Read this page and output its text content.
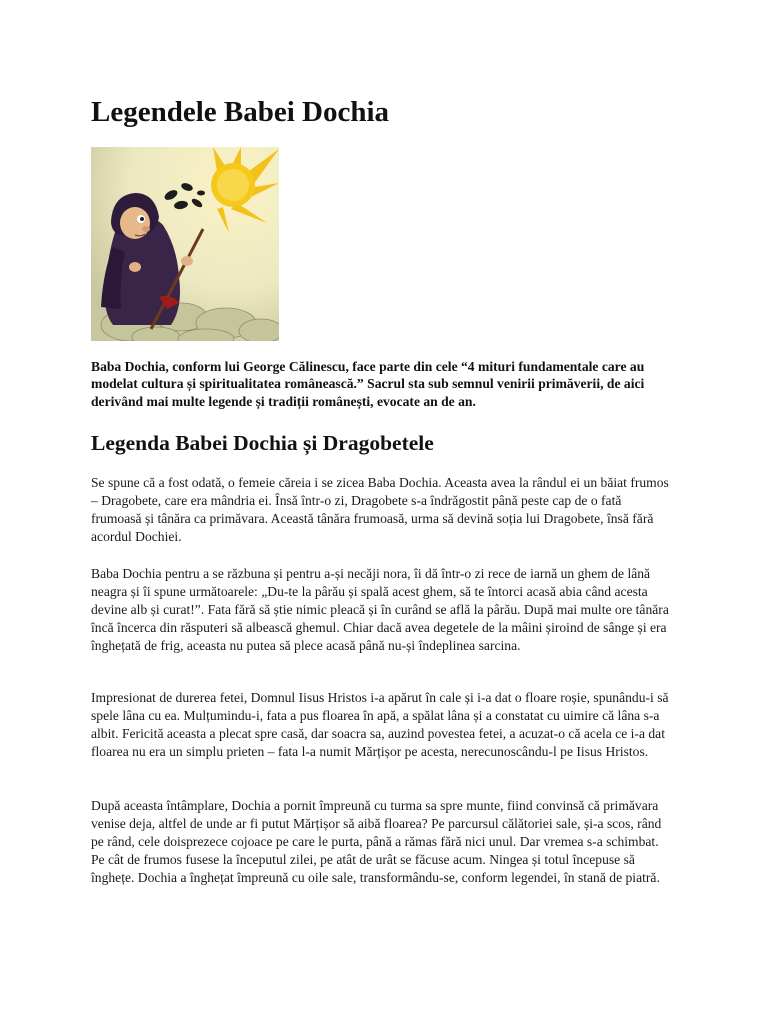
Legendele Babei Dochia

Baba Dochia, conform lui George Călinescu, face parte din cele “4 mituri fundamentale care au modelat cultura și spiritualitatea românească.” Sacrul sta sub semnul venirii primăverii, de aici derivând mai multe legende și tradiții românești, evocate an de an.

Legenda Babei Dochia și Dragobetele

Se spune că a fost odată, o femeie căreia i se zicea Baba Dochia. Aceasta avea la rândul ei un băiat frumos – Dragobete, care era mândria ei. Însă într-o zi, Dragobete s-a îndrăgostit până peste cap de o fată frumoasă și tânăra ca primăvara. Această tânăra frumoasă, urma să devină soția lui Dragobete, însă fără acordul Dochiei.

Baba Dochia pentru a se răzbuna și pentru a-și necăji nora, îi dă într-o zi rece de iarnă un ghem de lână neagra și îi spune următoarele: „Du-te la pârău și spală acest ghem, să te întorci acasă abia când acesta devine alb și curat!”. Fata fără să știe nimic pleacă și în curând se află la pârău. După mai multe ore tânăra încă încerca din răsputeri să albească ghemul. Chiar dacă avea degetele de la mâini șiroind de sânge și era înghețată de frig, aceasta nu putea să plece acasă până nu-și îndeplinea sarcina.

Impresionat de durerea fetei, Domnul Iisus Hristos i-a apărut în cale și i-a dat o floare roșie, spunându-i să spele lâna cu ea. Mulțumindu-i, fata a pus floarea în apă, a spălat lâna și a constatat cu uimire că lâna s-a albit. Fericită aceasta a plecat spre casă, dar soacra sa, auzind povestea fetei, a acuzat-o că acela ce i-a dat floarea nu era un simplu prieten – fata l-a numit Mărțișor pe acesta, nerecunoscându-l pe Iisus Hristos.

După aceasta întâmplare, Dochia a pornit împreună cu turma sa spre munte, fiind convinsă că primăvara venise deja, altfel de unde ar fi putut Mărțișor să aibă floarea? Pe parcursul călătoriei sale, și-a scos, rând pe rând, cele doisprezece cojoace pe care le purta, până a rămas fără nici unul. Dar vremea s-a schimbat. Pe cât de frumos fusese la începutul zilei, pe atât de urât se făcuse acum. Ningea și totul începuse să înghețe. Dochia a înghețat împreună cu oile sale, transformându-se, conform legendei, în stană de piatră.
